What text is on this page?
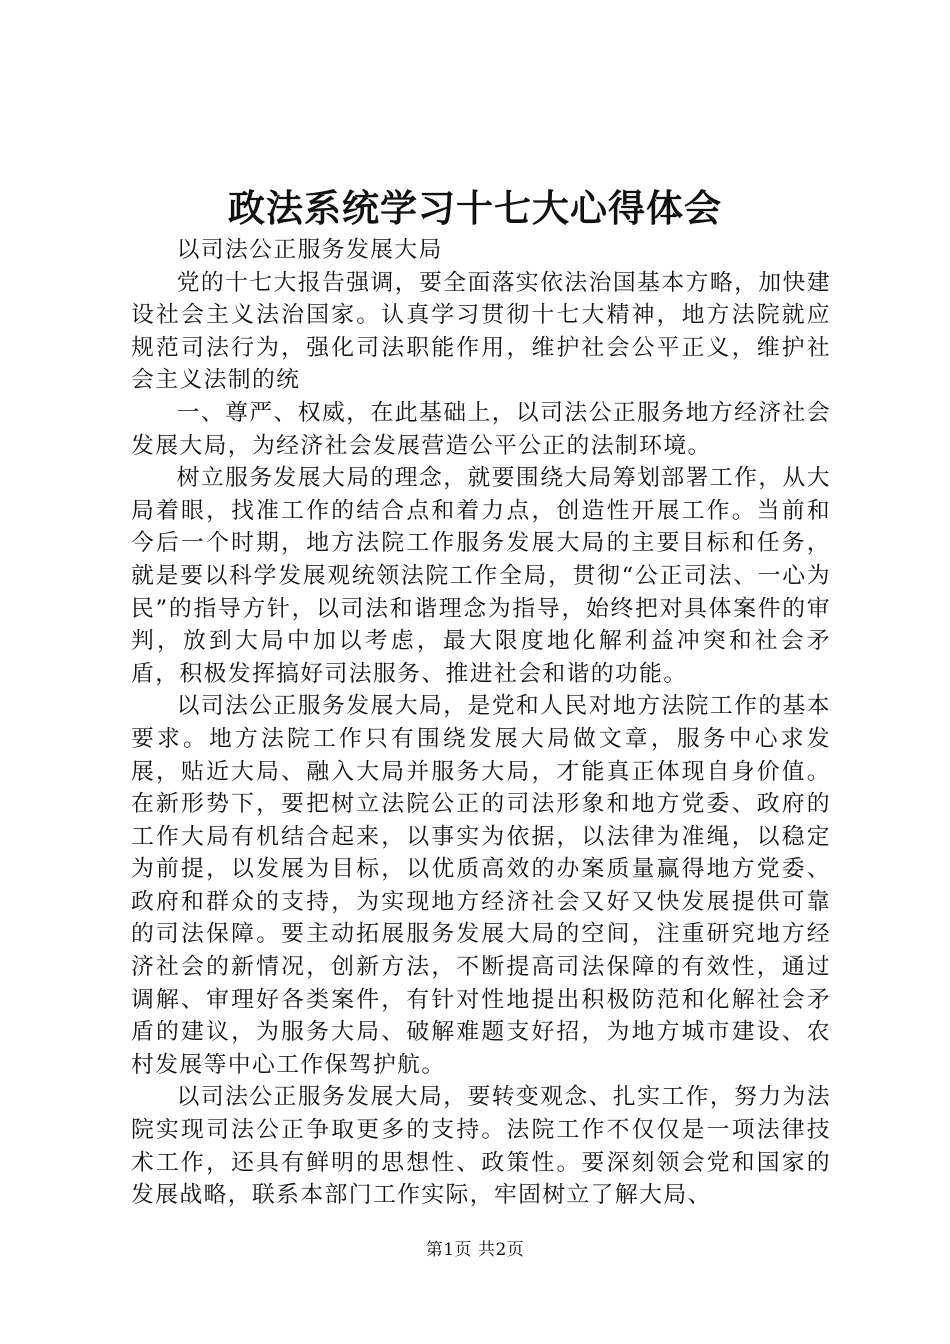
政法系统学习十七大心得体会

以司法公正服务发展大局

党的十七大报告强调，要全面落实依法治国基本方略，加快建设社会主义法治国家。认真学习贯彻十七大精神，地方法院就应规范司法行为，强化司法职能作用，维护社会公平正义，维护社会主义法制的统

一、尊严、权威，在此基础上，以司法公正服务地方经济社会发展大局，为经济社会发展营造公平公正的法制环境。

树立服务发展大局的理念，就要围绕大局筹划部署工作，从大局着眼，找准工作的结合点和着力点，创造性开展工作。当前和今后一个时期，地方法院工作服务发展大局的主要目标和任务，就是要以科学发展观统领法院工作全局，贯彻“公正司法、一心为民”的指导方针，以司法和谐理念为指导，始终把对具体案件的审判，放到大局中加以考虑，最大限度地化解利益冲突和社会矛盾，积极发挥搞好司法服务、推进社会和谐的功能。

以司法公正服务发展大局，是党和人民对地方法院工作的基本要求。地方法院工作只有围绕发展大局做文章，服务中心求发展，贴近大局、融入大局并服务大局，才能真正体现自身价值。在新形势下，要把树立法院公正的司法形象和地方党委、政府的工作大局有机结合起来，以事实为依据，以法律为准绳，以稳定为前提，以发展为目标，以优质高效的办案质量赢得地方党委、政府和群众的支持，为实现地方经济社会又好又快发展提供可靠的司法保障。要主动拓展服务发展大局的空间，注重研究地方经济社会的新情况，创新方法，不断提高司法保障的有效性，通过调解、审理好各类案件，有针对性地提出积极防范和化解社会矛盾的建议，为服务大局、破解难题支好招，为地方城市建设、农村发展等中心工作保驾护航。

以司法公正服务发展大局，要转变观念、扎实工作，努力为法院实现司法公正争取更多的支持。法院工作不仅仅是一项法律技术工作，还具有鲜明的思想性、政策性。要深刻领会党和国家的发展战略，联系本部门工作实际，牢固树立了解大局、

第1页 共2页
